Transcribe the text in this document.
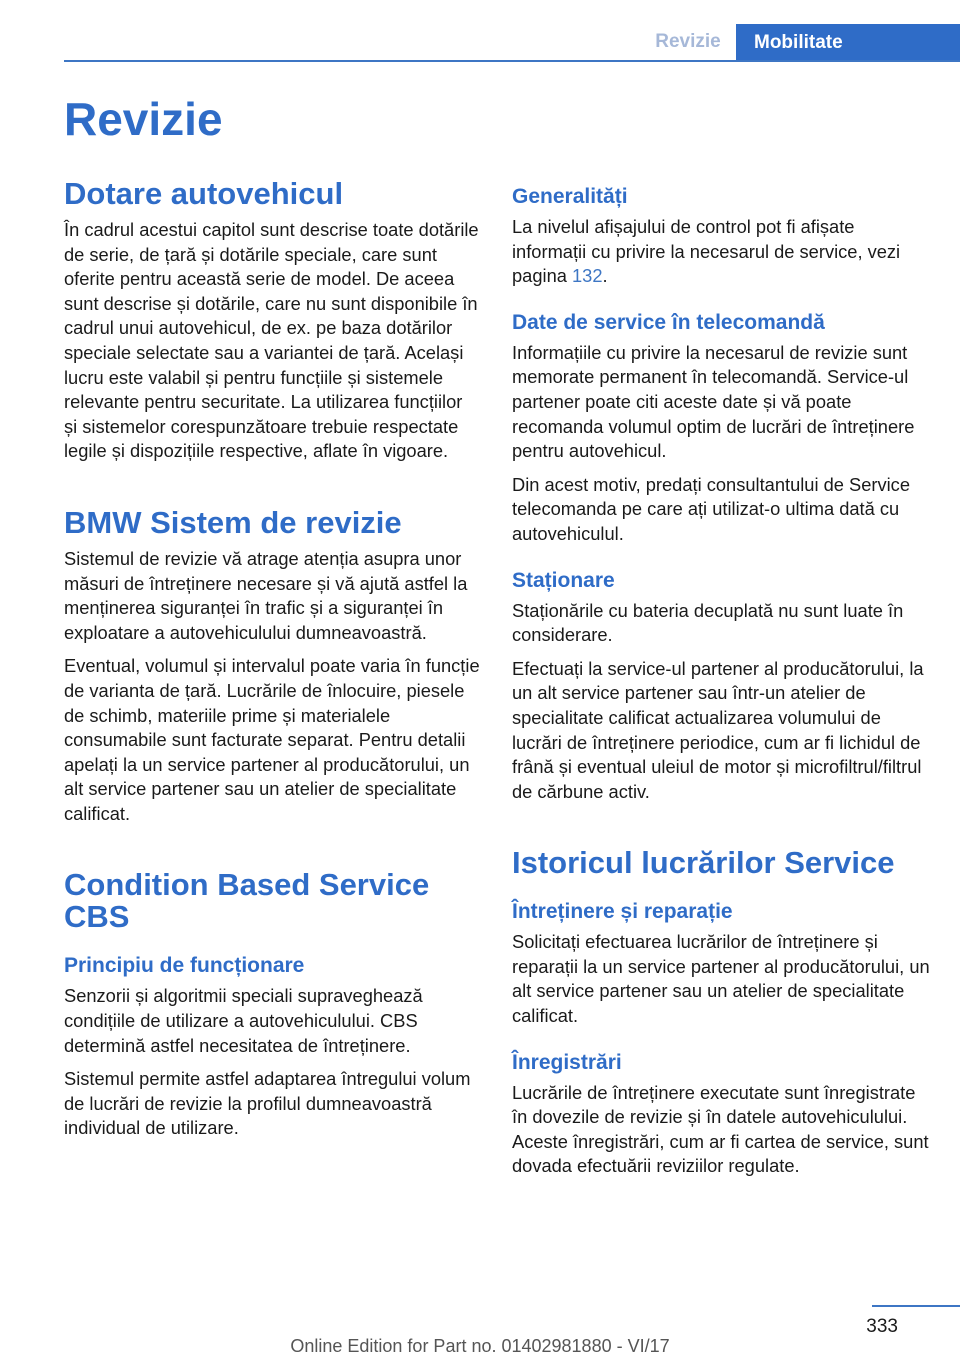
Revizie	Mobilitate
Revizie
Dotare autovehicul

În cadrul acestui capitol sunt descrise toate dotările de serie, de țară și dotările speciale, care sunt oferite pentru această serie de model. De aceea sunt descrise și dotările, care nu sunt disponibile în cadrul unui autovehicul, de ex. pe baza dotărilor speciale selectate sau a variantei de țară. Același lucru este valabil și pentru funcțiile și sistemele relevante pentru securitate. La utilizarea funcțiilor și sistemelor corespunzătoare trebuie respectate legile și dispozițiile respective, aflate în vigoare.

BMW Sistem de revizie

Sistemul de revizie vă atrage atenția asupra unor măsuri de întreținere necesare și vă ajută astfel la menținerea siguranței în trafic și a siguranței în exploatare a autovehiculului dumneavoastră.

Eventual, volumul și intervalul poate varia în funcție de varianta de țară. Lucrările de înlocuire, piesele de schimb, materiile prime și materialele consumabile sunt facturate separat. Pentru detalii apelați la un service partener al producătorului, un alt service partener sau un atelier de specialitate calificat.

Condition Based Service CBS
Principiu de funcționare

Senzorii și algoritmii speciali supraveghează condițiile de utilizare a autovehiculului. CBS determină astfel necesitatea de întreținere.

Sistemul permite astfel adaptarea întregului volum de lucrări de revizie la profilul dumneavoastră individual de utilizare.

Generalități

La nivelul afișajului de control pot fi afișate informații cu privire la necesarul de service, vezi pagina 132.

Date de service în telecomandă

Informațiile cu privire la necesarul de revizie sunt memorate permanent în telecomandă. Service-ul partener poate citi aceste date și vă poate recomanda volumul optim de lucrări de întreținere pentru autovehicul.

Din acest motiv, predați consultantului de Service telecomanda pe care ați utilizat-o ultima dată cu autovehiculul.

Staționare

Staționările cu bateria decuplată nu sunt luate în considerare.

Efectuați la service-ul partener al producătorului, la un alt service partener sau într-un atelier de specialitate calificat actualizarea volumului de lucrări de întreținere periodice, cum ar fi lichidul de frână și eventual uleiul de motor și microfiltrul/filtrul de cărbune activ.

Istoricul lucrărilor Service
Întreținere și reparație

Solicitați efectuarea lucrărilor de întreținere și reparații la un service partener al producătorului, un alt service partener sau un atelier de specialitate calificat.

Înregistrări

Lucrările de întreținere executate sunt înregistrate în dovezile de revizie și în datele autovehiculului. Aceste înregistrări, cum ar fi cartea de service, sunt dovada efectuării reviziilor regulate.

333
Online Edition for Part no. 01402981880 - VI/17
